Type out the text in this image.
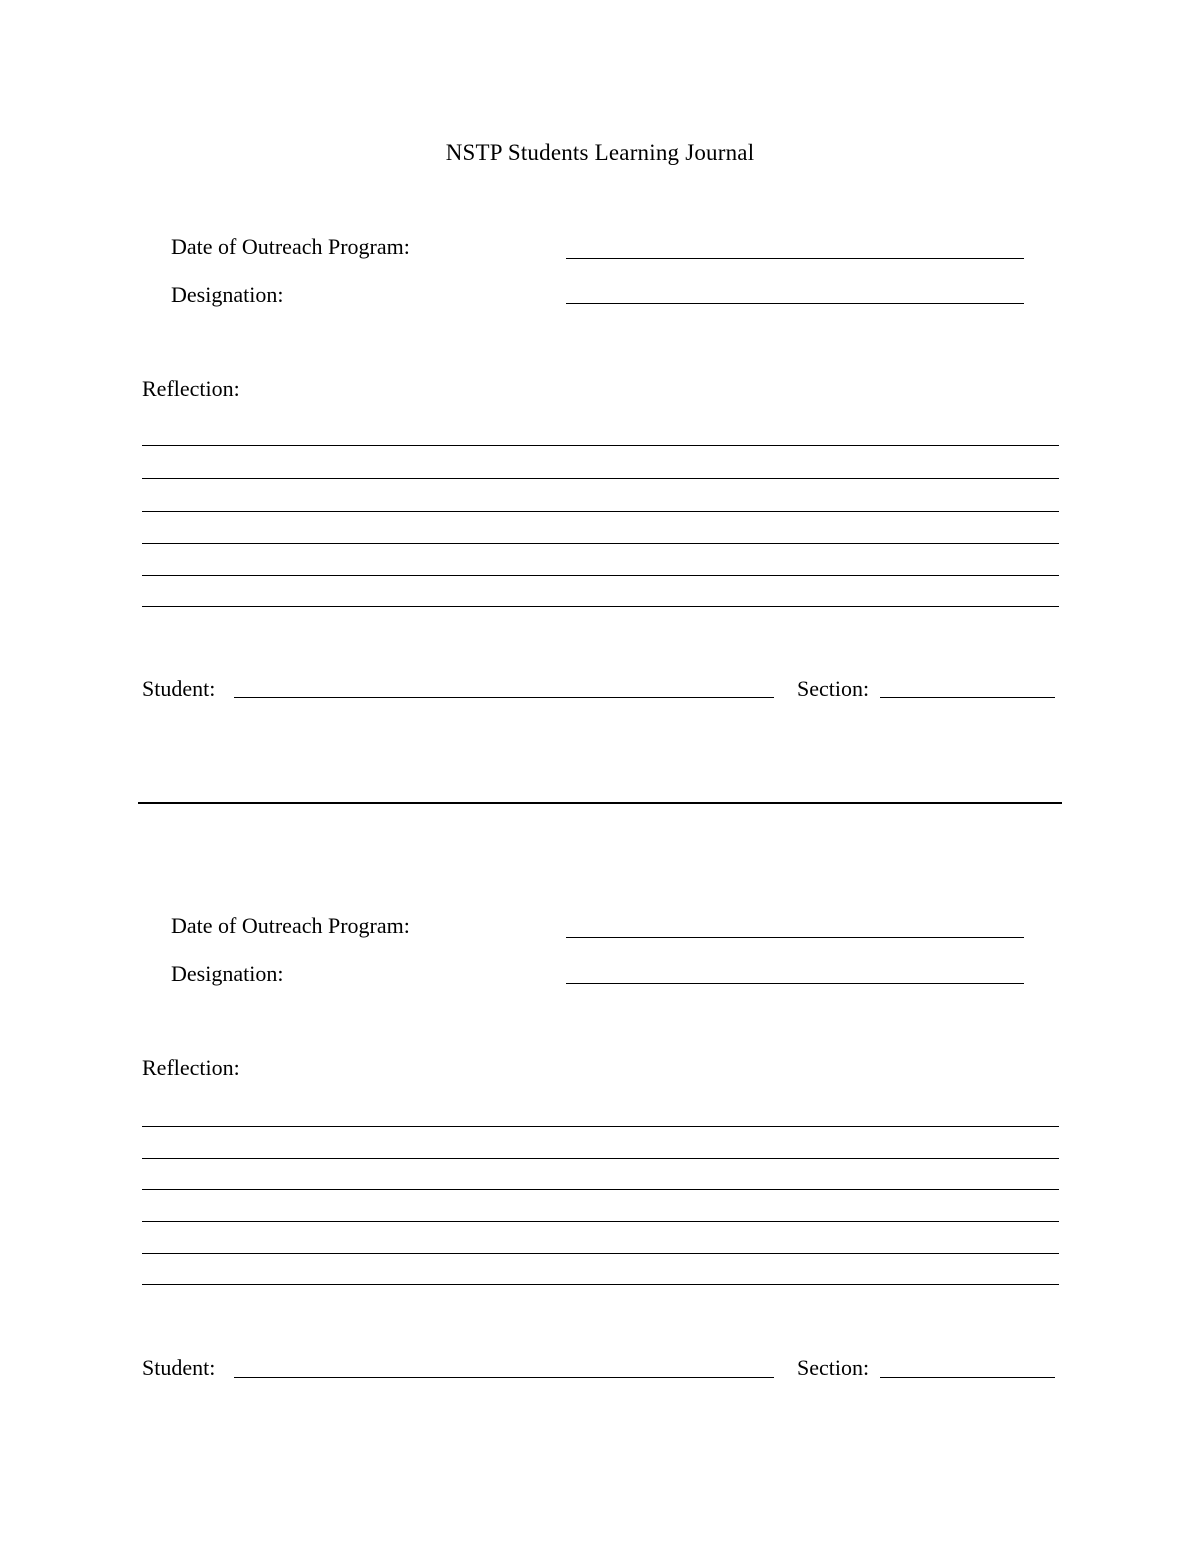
NSTP Students Learning Journal
Date of Outreach Program:
Designation:
Reflection:
Student:	Section:
Date of Outreach Program:
Designation:
Reflection:
Student:	Section:
